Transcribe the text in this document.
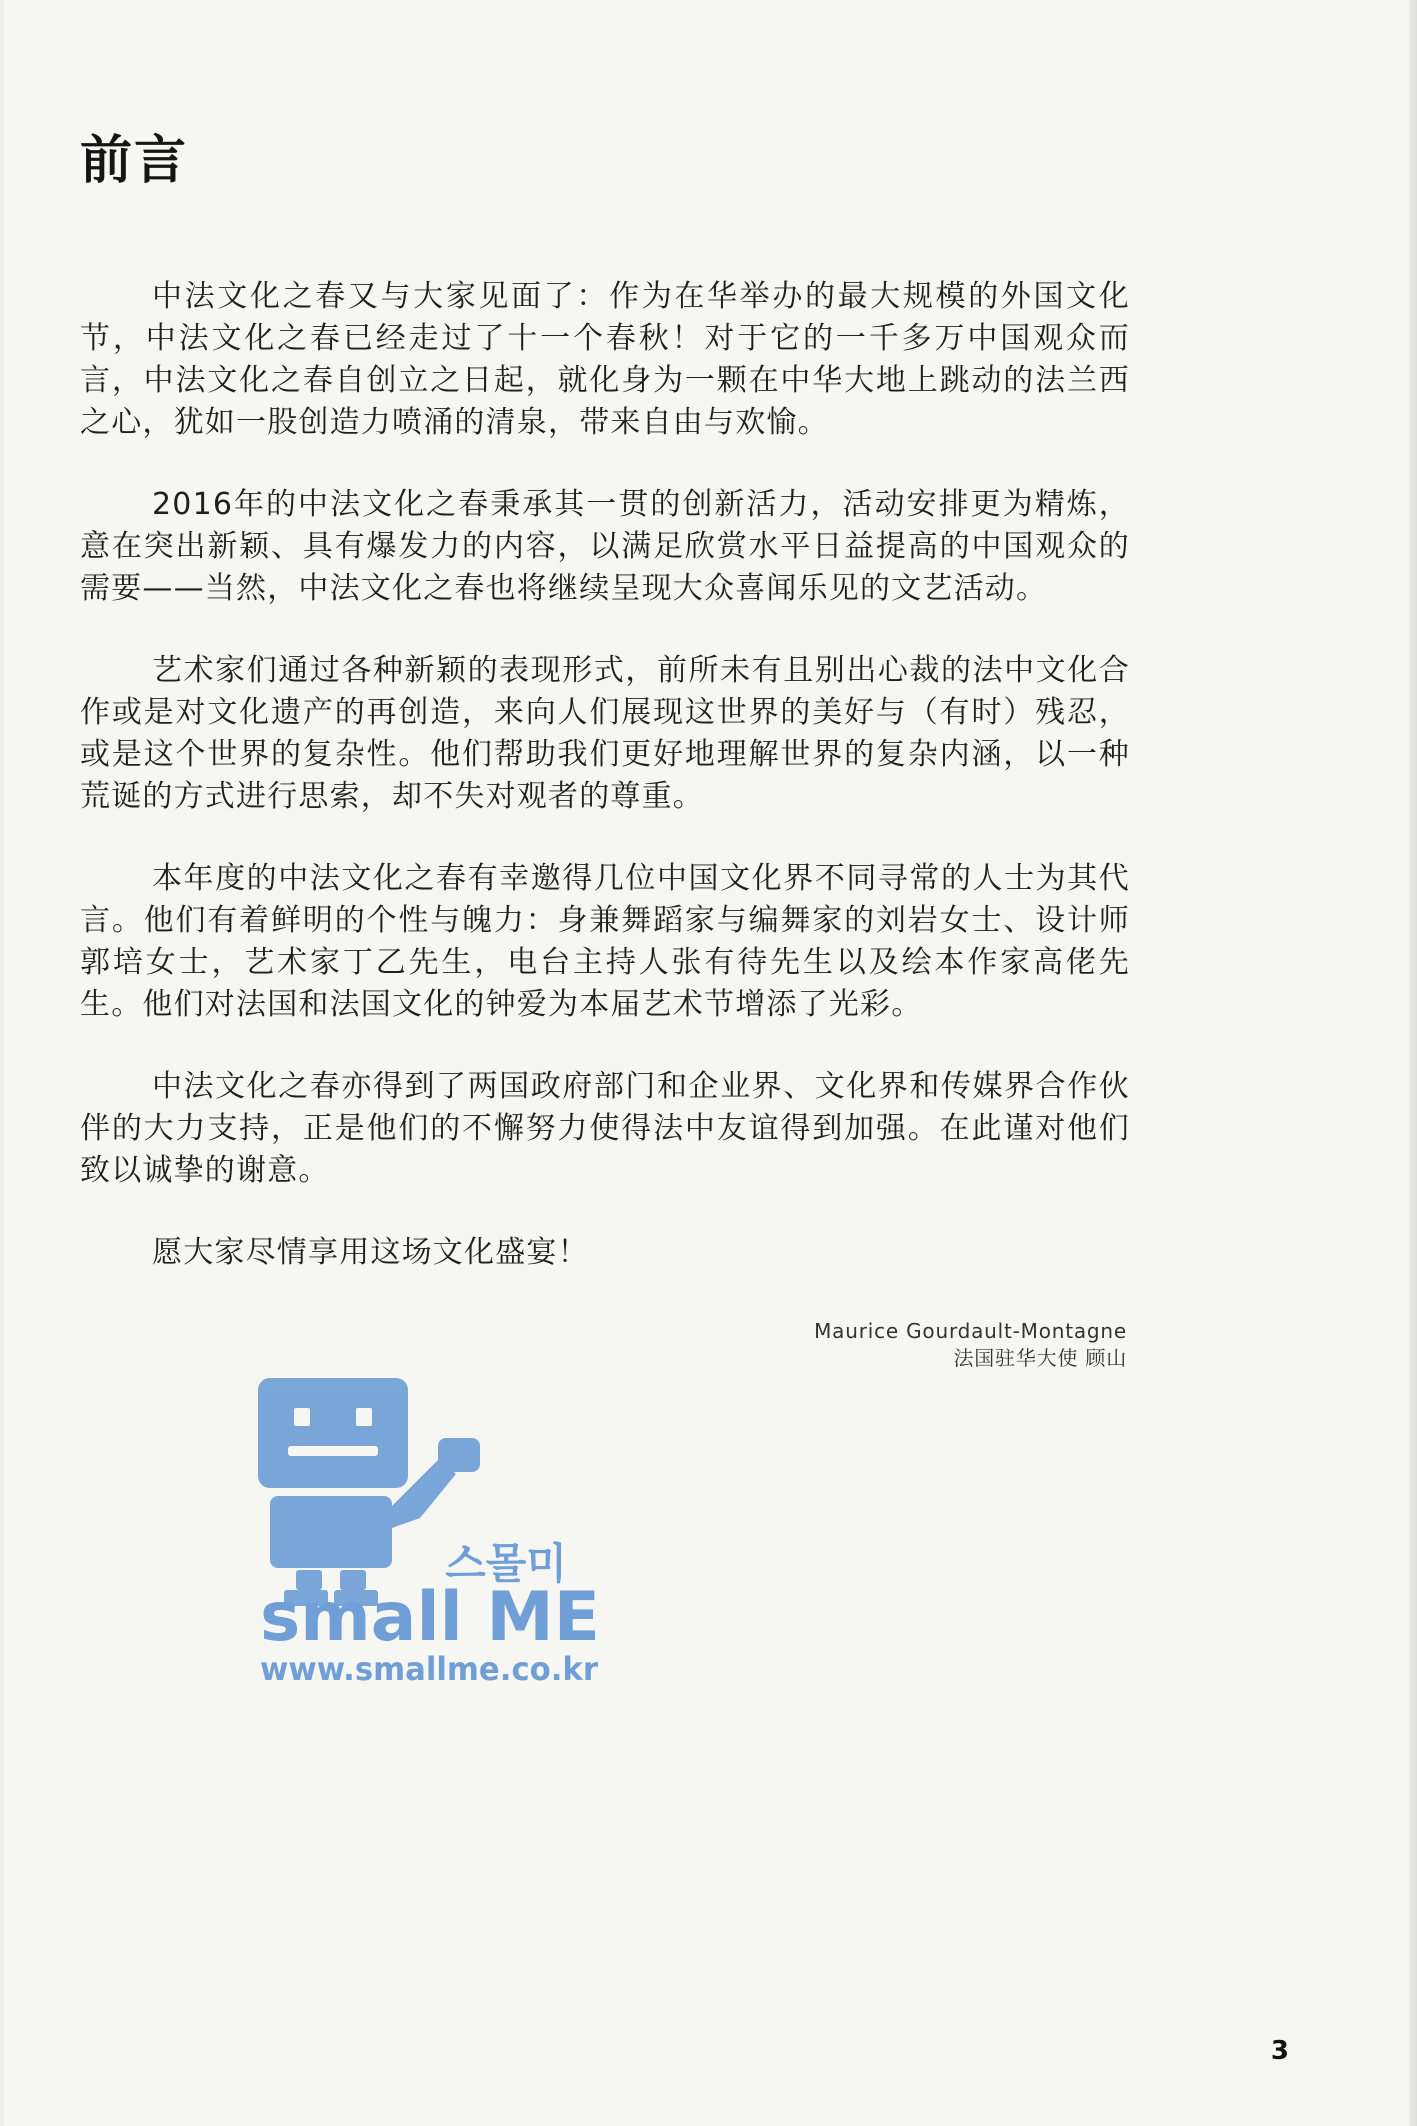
前言

中法文化之春又与大家见面了：作为在华举办的最大规模的外国文化节，中法文化之春已经走过了十一个春秋！对于它的一千多万中国观众而言，中法文化之春自创立之日起，就化身为一颗在中华大地上跳动的法兰西之心，犹如一股创造力喷涌的清泉，带来自由与欢愉。

2016年的中法文化之春秉承其一贯的创新活力，活动安排更为精炼，意在突出新颖、具有爆发力的内容，以满足欣赏水平日益提高的中国观众的需要——当然，中法文化之春也将继续呈现大众喜闻乐见的文艺活动。

艺术家们通过各种新颖的表现形式，前所未有且别出心裁的法中文化合作或是对文化遗产的再创造，来向人们展现这世界的美好与（有时）残忍，或是这个世界的复杂性。他们帮助我们更好地理解世界的复杂内涵，以一种荒诞的方式进行思索，却不失对观者的尊重。

本年度的中法文化之春有幸邀得几位中国文化界不同寻常的人士为其代言。他们有着鲜明的个性与魄力：身兼舞蹈家与编舞家的刘岩女士、设计师郭培女士，艺术家丁乙先生，电台主持人张有待先生以及绘本作家高佬先生。他们对法国和法国文化的钟爱为本届艺术节增添了光彩。

中法文化之春亦得到了两国政府部门和企业界、文化界和传媒界合作伙伴的大力支持，正是他们的不懈努力使得法中友谊得到加强。在此谨对他们致以诚挚的谢意。

愿大家尽情享用这场文化盛宴！

Maurice Gourdault-Montagne
法国驻华大使 顾山
스몰미
small ME
www.smallme.co.kr
3
